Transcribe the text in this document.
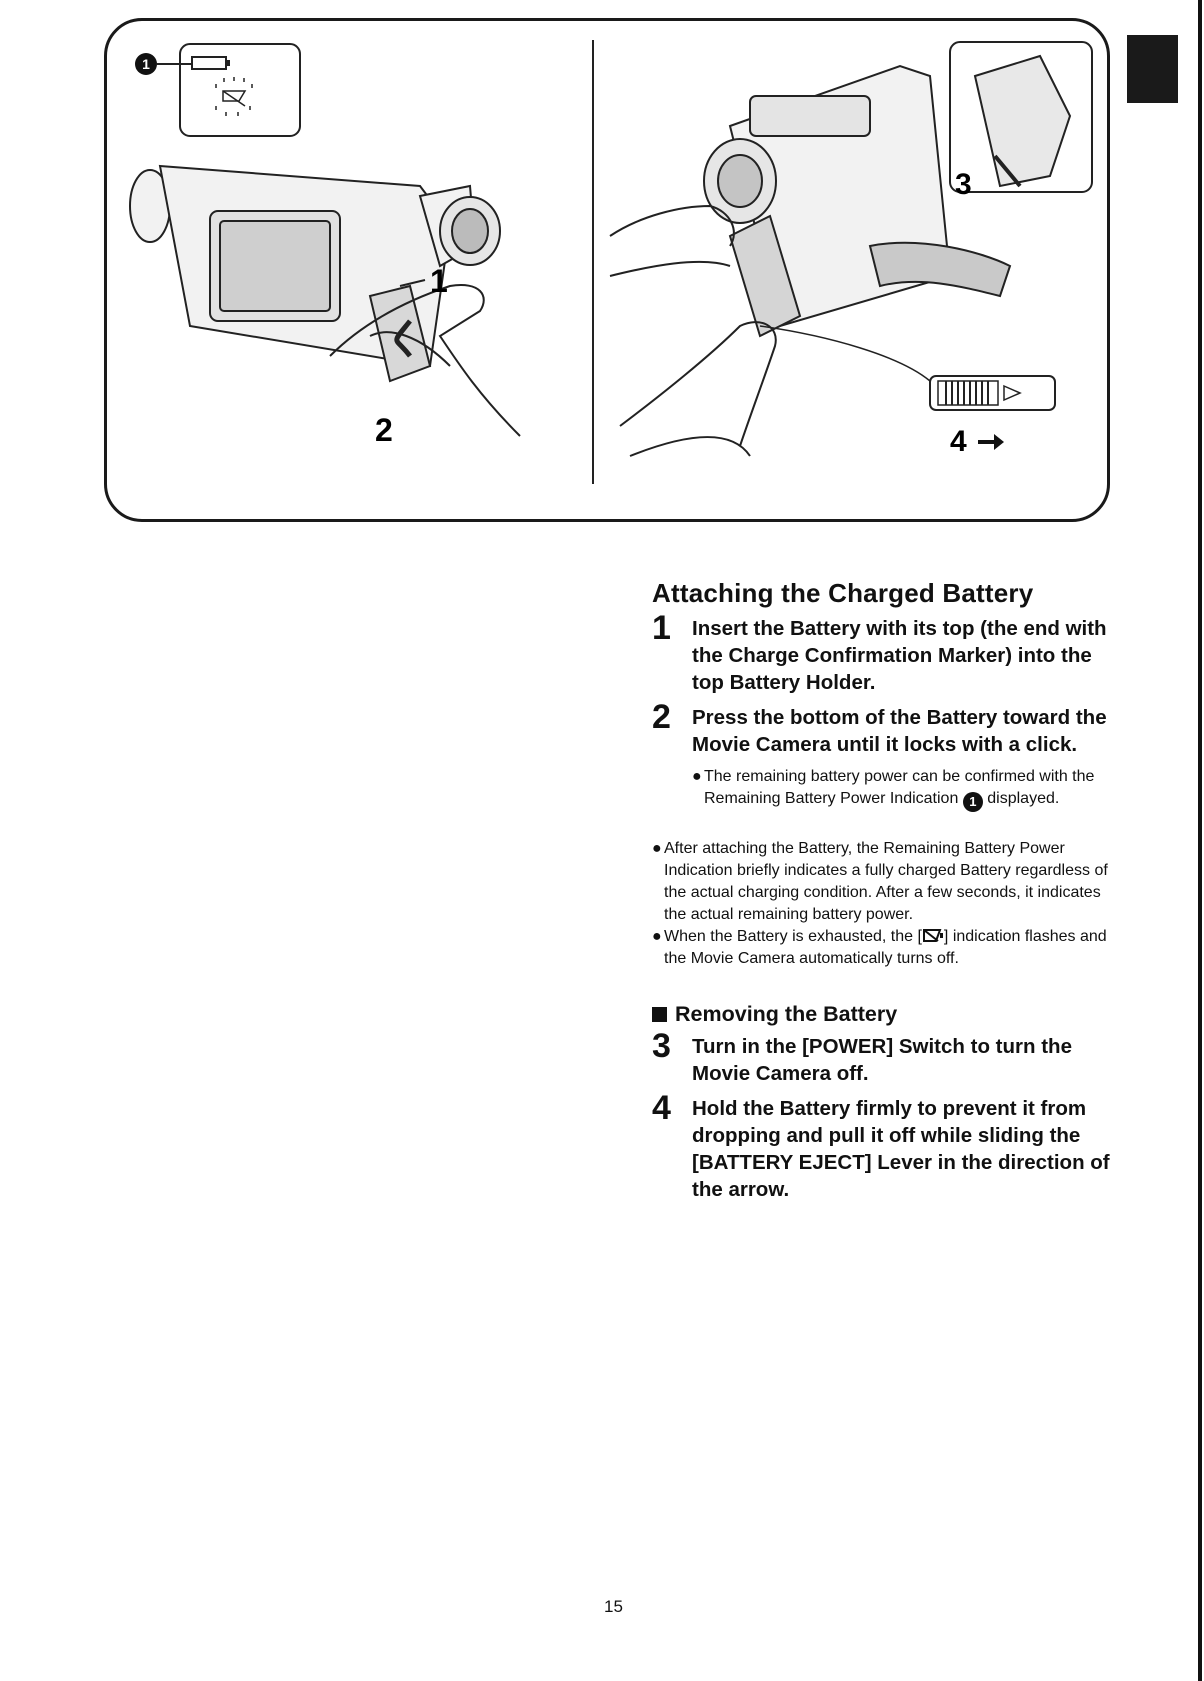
1
1
2
3
4
Attaching the Charged Battery
1 Insert the Battery with its top (the end with the Charge Confirmation Marker) into the top Battery Holder.
2 Press the bottom of the Battery toward the Movie Camera until it locks with a click.
● The remaining battery power can be confirmed with the Remaining Battery Power Indication 1 displayed.
● After attaching the Battery, the Remaining Battery Power Indication briefly indicates a fully charged Battery regardless of the actual charging condition. After a few seconds, it indicates the actual remaining battery power.
● When the Battery is exhausted, the [ ] indication flashes and the Movie Camera automatically turns off.
Removing the Battery
3 Turn in the [POWER] Switch to turn the Movie Camera off.
4 Hold the Battery firmly to prevent it from dropping and pull it off while sliding the [BATTERY EJECT] Lever in the direction of the arrow.
15
